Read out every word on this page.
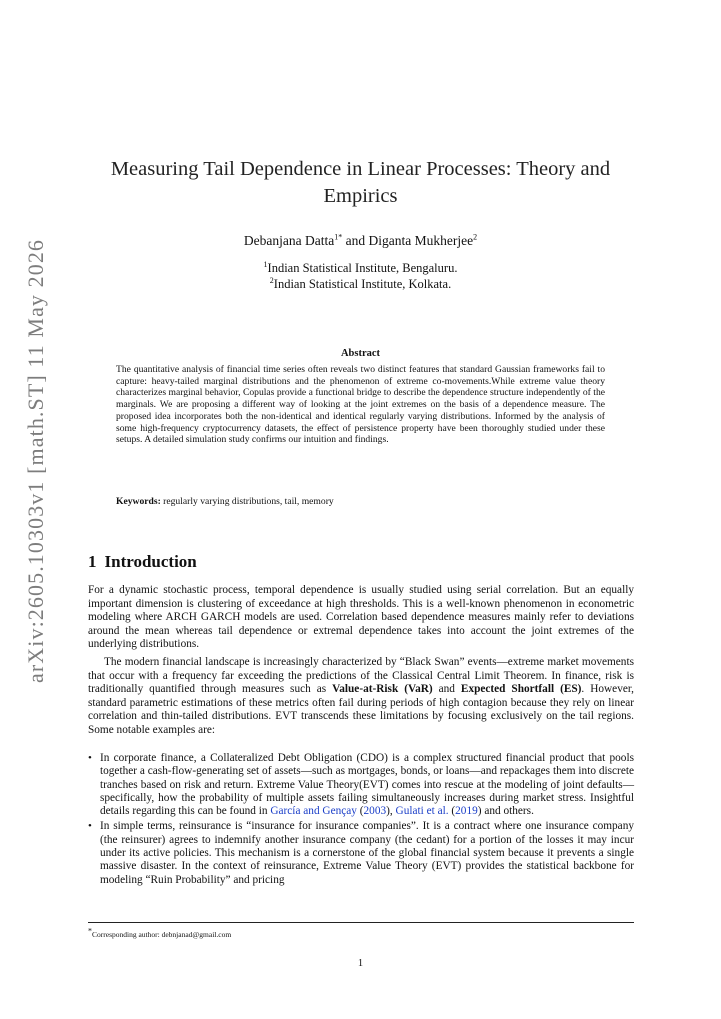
arXiv:2605.10303v1 [math.ST] 11 May 2026
Measuring Tail Dependence in Linear Processes: Theory and Empirics
Debanjana Datta$^{1*}$ and Diganta Mukherjee$^2$

$^1$Indian Statistical Institute, Bengaluru.

$^2$Indian Statistical Institute, Kolkata.

Abstract

The quantitative analysis of financial time series often reveals two distinct features that standard Gaussian frameworks fail to capture: heavy-tailed marginal distributions and the phenomenon of extreme co-movements.While extreme value theory characterizes marginal behavior, Copulas provide a functional bridge to describe the dependence structure independently of the marginals. We are proposing a different way of looking at the joint extremes on the basis of a dependence measure. The proposed idea incorporates both the non-identical and identical regularly varying distributions. Informed by the analysis of some high-frequency cryptocurrency datasets, the effect of persistence property have been thoroughly studied under these setups. A detailed simulation study confirms our intuition and findings.

Keywords: regularly varying distributions, tail, memory
1 Introduction

For a dynamic stochastic process, temporal dependence is usually studied using serial correlation. But an equally important dimension is clustering of exceedance at high thresholds. This is a well-known phenomenon in econometric modeling where ARCH GARCH models are used. Correlation based dependence measures mainly refer to deviations around the mean whereas tail dependence or extremal dependence takes into account the joint extremes of the underlying distributions.

The modern financial landscape is increasingly characterized by “Black Swan” events—extreme market movements that occur with a frequency far exceeding the predictions of the Classical Central Limit Theorem. In finance, risk is traditionally quantified through measures such as Value-at-Risk (VaR) and Expected Shortfall (ES). However, standard parametric estimations of these metrics often fail during periods of high contagion because they rely on linear correlation and thin-tailed distributions. EVT transcends these limitations by focusing exclusively on the tail regions. Some notable examples are:

• In corporate finance, a Collateralized Debt Obligation (CDO) is a complex structured financial product that pools together a cash-flow-generating set of assets—such as mortgages, bonds, or loans—and repackages them into discrete tranches based on risk and return. Extreme Value Theory(EVT) comes into rescue at the modeling of joint defaults—specifically, how the probability of multiple assets failing simultaneously increases during market stress. Insightful details regarding this can be found in García and Gençay (2003), Gulati et al. (2019) and others.
• In simple terms, reinsurance is “insurance for insurance companies”. It is a contract where one insurance company (the reinsurer) agrees to indemnify another insurance company (the cedant) for a portion of the losses it may incur under its active policies. This mechanism is a cornerstone of the global financial system because it prevents a single massive disaster. In the context of reinsurance, Extreme Value Theory (EVT) provides the statistical backbone for modeling “Ruin Probability” and pricing
*Corresponding author: debnjanad@gmail.com
1
